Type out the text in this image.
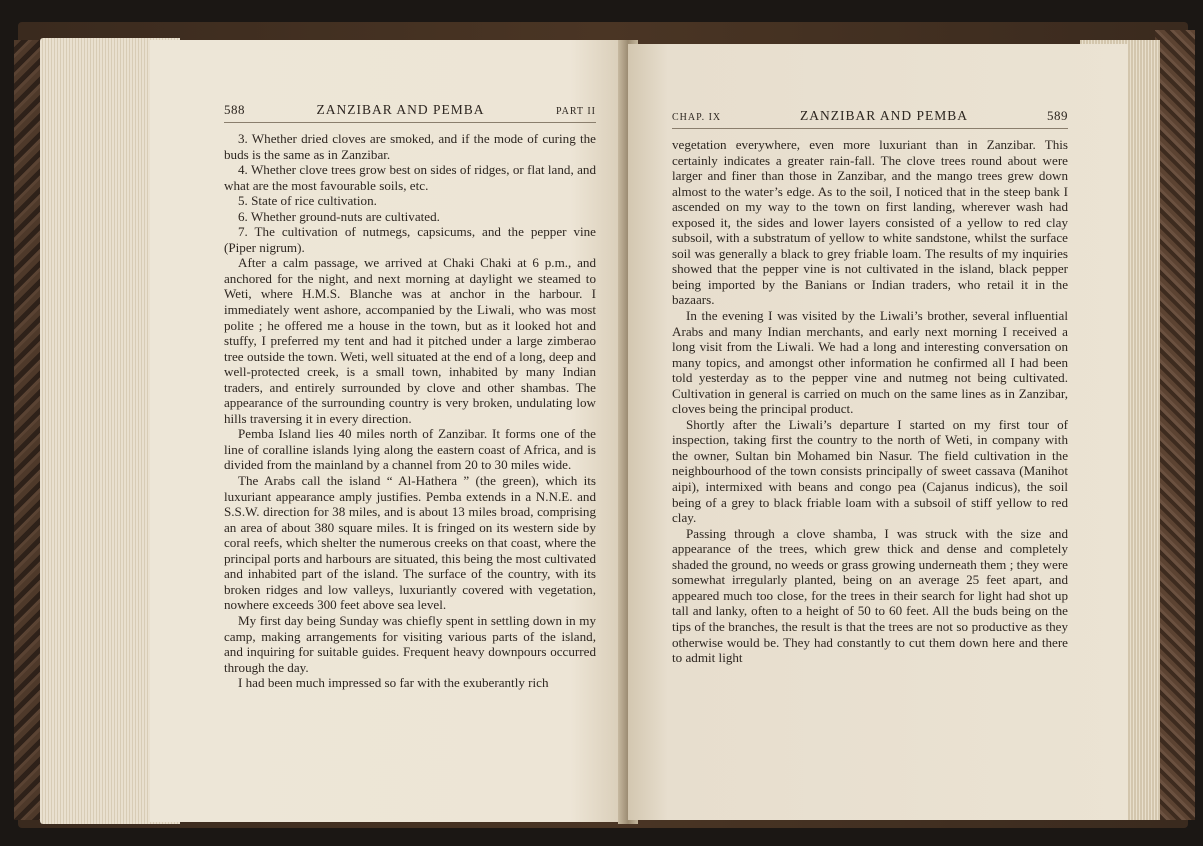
588	ZANZIBAR AND PEMBA	PART II

3. Whether dried cloves are smoked, and if the mode of curing the buds is the same as in Zanzibar.

4. Whether clove trees grow best on sides of ridges, or flat land, and what are the most favourable soils, etc.

5. State of rice cultivation.

6. Whether ground-nuts are cultivated.

7. The cultivation of nutmegs, capsicums, and the pepper vine (Piper nigrum).

After a calm passage, we arrived at Chaki Chaki at 6 p.m., and anchored for the night, and next morning at daylight we steamed to Weti, where H.M.S. Blanche was at anchor in the harbour. I immediately went ashore, accompanied by the Liwali, who was most polite ; he offered me a house in the town, but as it looked hot and stuffy, I preferred my tent and had it pitched under a large zimberao tree outside the town. Weti, well situated at the end of a long, deep and well-protected creek, is a small town, inhabited by many Indian traders, and entirely surrounded by clove and other shambas. The appearance of the surrounding country is very broken, undulating low hills traversing it in every direction.

Pemba Island lies 40 miles north of Zanzibar. It forms one of the line of coralline islands lying along the eastern coast of Africa, and is divided from the mainland by a channel from 20 to 30 miles wide.

The Arabs call the island “ Al-Hathera ” (the green), which its luxuriant appearance amply justifies. Pemba extends in a N.N.E. and S.S.W. direction for 38 miles, and is about 13 miles broad, comprising an area of about 380 square miles. It is fringed on its western side by coral reefs, which shelter the numerous creeks on that coast, where the principal ports and harbours are situated, this being the most cultivated and inhabited part of the island. The surface of the country, with its broken ridges and low valleys, luxuriantly covered with vegetation, nowhere exceeds 300 feet above sea level.

My first day being Sunday was chiefly spent in settling down in my camp, making arrangements for visiting various parts of the island, and inquiring for suitable guides. Frequent heavy downpours occurred through the day.

I had been much impressed so far with the exuberantly rich

CHAP. IX	ZANZIBAR AND PEMBA	589

vegetation everywhere, even more luxuriant than in Zanzibar. This certainly indicates a greater rain-fall. The clove trees round about were larger and finer than those in Zanzibar, and the mango trees grew down almost to the water’s edge. As to the soil, I noticed that in the steep bank I ascended on my way to the town on first landing, wherever wash had exposed it, the sides and lower layers consisted of a yellow to red clay subsoil, with a substratum of yellow to white sandstone, whilst the surface soil was generally a black to grey friable loam. The results of my inquiries showed that the pepper vine is not cultivated in the island, black pepper being imported by the Banians or Indian traders, who retail it in the bazaars.

In the evening I was visited by the Liwali’s brother, several influential Arabs and many Indian merchants, and early next morning I received a long visit from the Liwali. We had a long and interesting conversation on many topics, and amongst other information he confirmed all I had been told yesterday as to the pepper vine and nutmeg not being cultivated. Cultivation in general is carried on much on the same lines as in Zanzibar, cloves being the principal product.

Shortly after the Liwali’s departure I started on my first tour of inspection, taking first the country to the north of Weti, in company with the owner, Sultan bin Mohamed bin Nasur. The field cultivation in the neighbourhood of the town consists principally of sweet cassava (Manihot aipi), intermixed with beans and congo pea (Cajanus indicus), the soil being of a grey to black friable loam with a subsoil of stiff yellow to red clay.

Passing through a clove shamba, I was struck with the size and appearance of the trees, which grew thick and dense and completely shaded the ground, no weeds or grass growing underneath them ; they were somewhat irregularly planted, being on an average 25 feet apart, and appeared much too close, for the trees in their search for light had shot up tall and lanky, often to a height of 50 to 60 feet. All the buds being on the tips of the branches, the result is that the trees are not so productive as they otherwise would be. They had constantly to cut them down here and there to admit light
